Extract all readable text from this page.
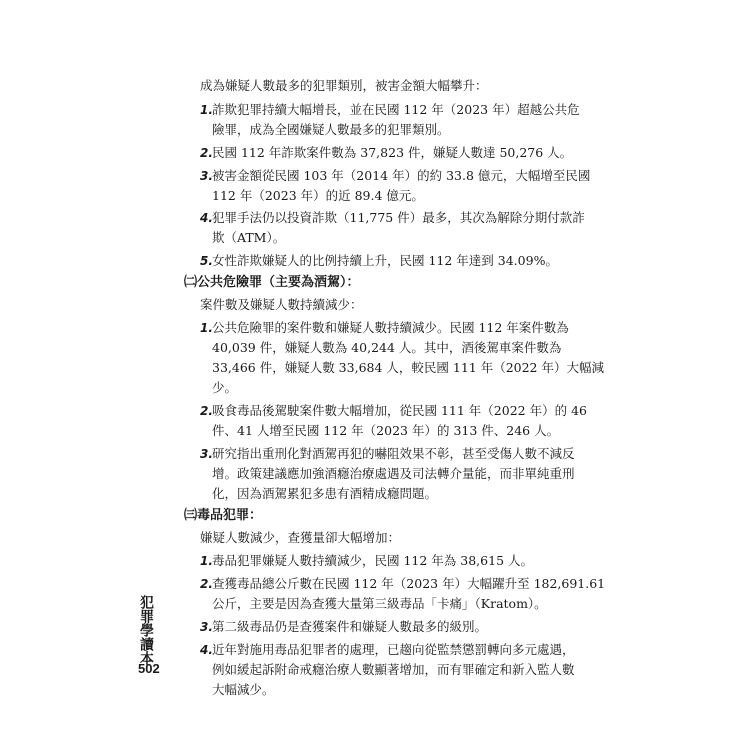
成為嫌疑人數最多的犯罪類別，被害金額大幅攀升：
1.詐欺犯罪持續大幅增長，並在民國 112 年（2023 年）超越公共危
險罪，成為全國嫌疑人數最多的犯罪類別。
2.民國 112 年詐欺案件數為 37,823 件，嫌疑人數達 50,276 人。
3.被害金額從民國 103 年（2014 年）的約 33.8 億元，大幅增至民國
112 年（2023 年）的近 89.4 億元。
4.犯罪手法仍以投資詐欺（11,775 件）最多，其次為解除分期付款詐
欺（ATM）。
5.女性詐欺嫌疑人的比例持續上升，民國 112 年達到 34.09%。
㈡公共危險罪（主要為酒駕）：
案件數及嫌疑人數持續減少：
1.公共危險罪的案件數和嫌疑人數持續減少。民國 112 年案件數為
40,039 件，嫌疑人數為 40,244 人。其中，酒後駕車案件數為
33,466 件，嫌疑人數 33,684 人，較民國 111 年（2022 年）大幅減
少。
2.吸食毒品後駕駛案件數大幅增加，從民國 111 年（2022 年）的 46
件、41 人增至民國 112 年（2023 年）的 313 件、246 人。
3.研究指出重刑化對酒駕再犯的嚇阻效果不彰，甚至受傷人數不減反
增。政策建議應加強酒癮治療處遇及司法轉介量能，而非單純重刑
化，因為酒駕累犯多患有酒精成癮問題。
㈢毒品犯罪：
嫌疑人數減少，查獲量卻大幅增加：
1.毒品犯罪嫌疑人數持續減少，民國 112 年為 38,615 人。
2.查獲毒品總公斤數在民國 112 年（2023 年）大幅躍升至 182,691.61
公斤，主要是因為查獲大量第三級毒品「卡痛」（Kratom）。
3.第二級毒品仍是查獲案件和嫌疑人數最多的級別。
4.近年對施用毒品犯罪者的處理，已趨向從監禁懲罰轉向多元處遇，
例如緩起訴附命戒癮治療人數顯著增加，而有罪確定和新入監人數
大幅減少。
犯罪學讀本
502
